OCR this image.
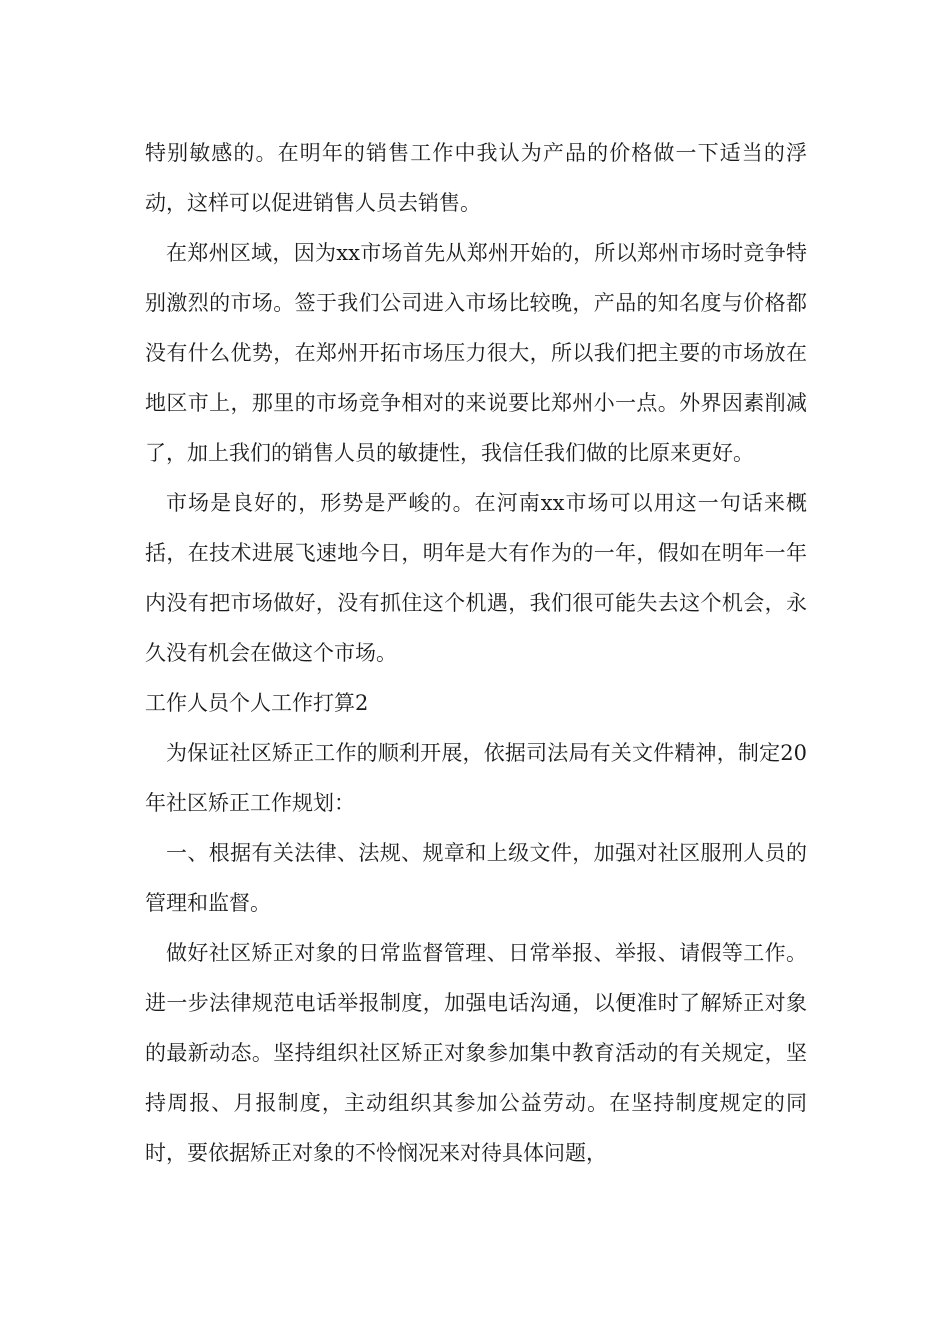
特别敏感的。在明年的销售工作中我认为产品的价格做一下适当的浮动，这样可以促进销售人员去销售。

在郑州区域，因为xx市场首先从郑州开始的，所以郑州市场时竞争特别激烈的市场。签于我们公司进入市场比较晚，产品的知名度与价格都没有什么优势，在郑州开拓市场压力很大，所以我们把主要的市场放在地区市上，那里的市场竞争相对的来说要比郑州小一点。外界因素削减了，加上我们的销售人员的敏捷性，我信任我们做的比原来更好。

市场是良好的，形势是严峻的。在河南xx市场可以用这一句话来概括，在技术进展飞速地今日，明年是大有作为的一年，假如在明年一年内没有把市场做好，没有抓住这个机遇，我们很可能失去这个机会，永久没有机会在做这个市场。

工作人员个人工作打算2

为保证社区矫正工作的顺利开展，依据司法局有关文件精神，制定20年社区矫正工作规划：

一、根据有关法律、法规、规章和上级文件，加强对社区服刑人员的管理和监督。

做好社区矫正对象的日常监督管理、日常举报、举报、请假等工作。进一步法律规范电话举报制度，加强电话沟通，以便准时了解矫正对象的最新动态。坚持组织社区矫正对象参加集中教育活动的有关规定，坚持周报、月报制度，主动组织其参加公益劳动。在坚持制度规定的同时，要依据矫正对象的不怜悯况来对待具体问题，
